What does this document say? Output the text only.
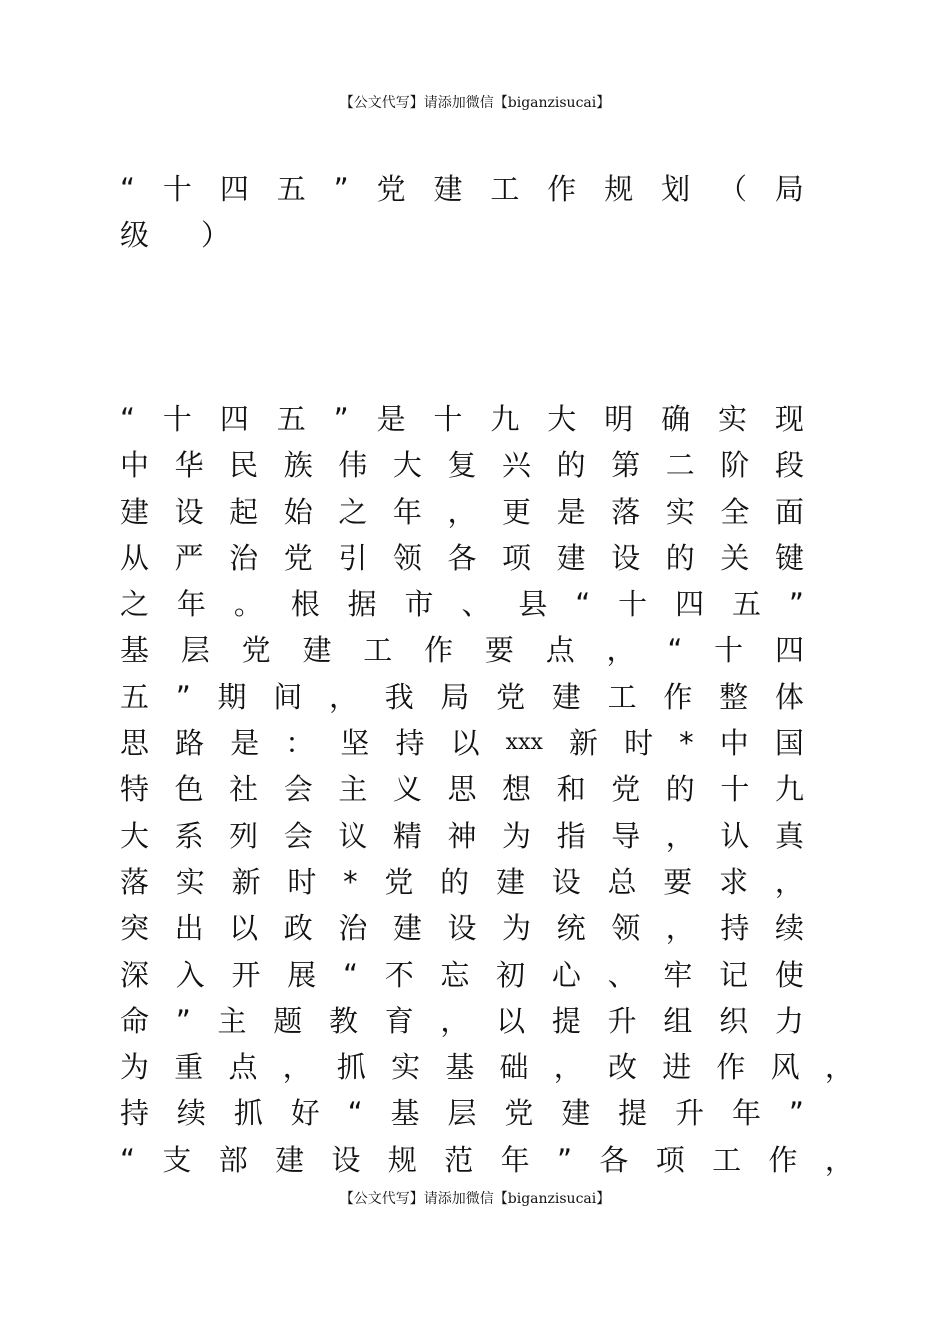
【公文代写】请添加微信【biganzisucai】
“ 十 四 五 ” 党 建 工 作 规 划 （ 局
级 ）
“ 十 四 五 ” 是 十 九 大 明 确 实 现
中 华 民 族 伟 大 复 兴 的 第 二 阶 段
建 设 起 始 之 年 ， 更 是 落 实 全 面
从 严 治 党 引 领 各 项 建 设 的 关 键
之 年 。 根 据 市 、 县 “ 十 四 五 ”
基 层 党 建 工 作 要 点 ， “ 十 四
五 ” 期 间 ， 我 局 党 建 工 作 整 体
思 路 是 ： 坚 持 以 xxx 新 时 * 中 国
特 色 社 会 主 义 思 想 和 党 的 十 九
大 系 列 会 议 精 神 为 指 导 ， 认 真
落 实 新 时 * 党 的 建 设 总 要 求 ，
突 出 以 政 治 建 设 为 统 领 ， 持 续
深 入 开 展 “ 不 忘 初 心 、 牢 记 使
命 ” 主 题 教 育 ， 以 提 升 组 织 力
为 重 点 ， 抓 实 基 础 ， 改 进 作 风 ，
持 续 抓 好 “ 基 层 党 建 提 升 年 ”
“ 支 部 建 设 规 范 年 ” 各 项 工 作 ，
【公文代写】请添加微信【biganzisucai】
